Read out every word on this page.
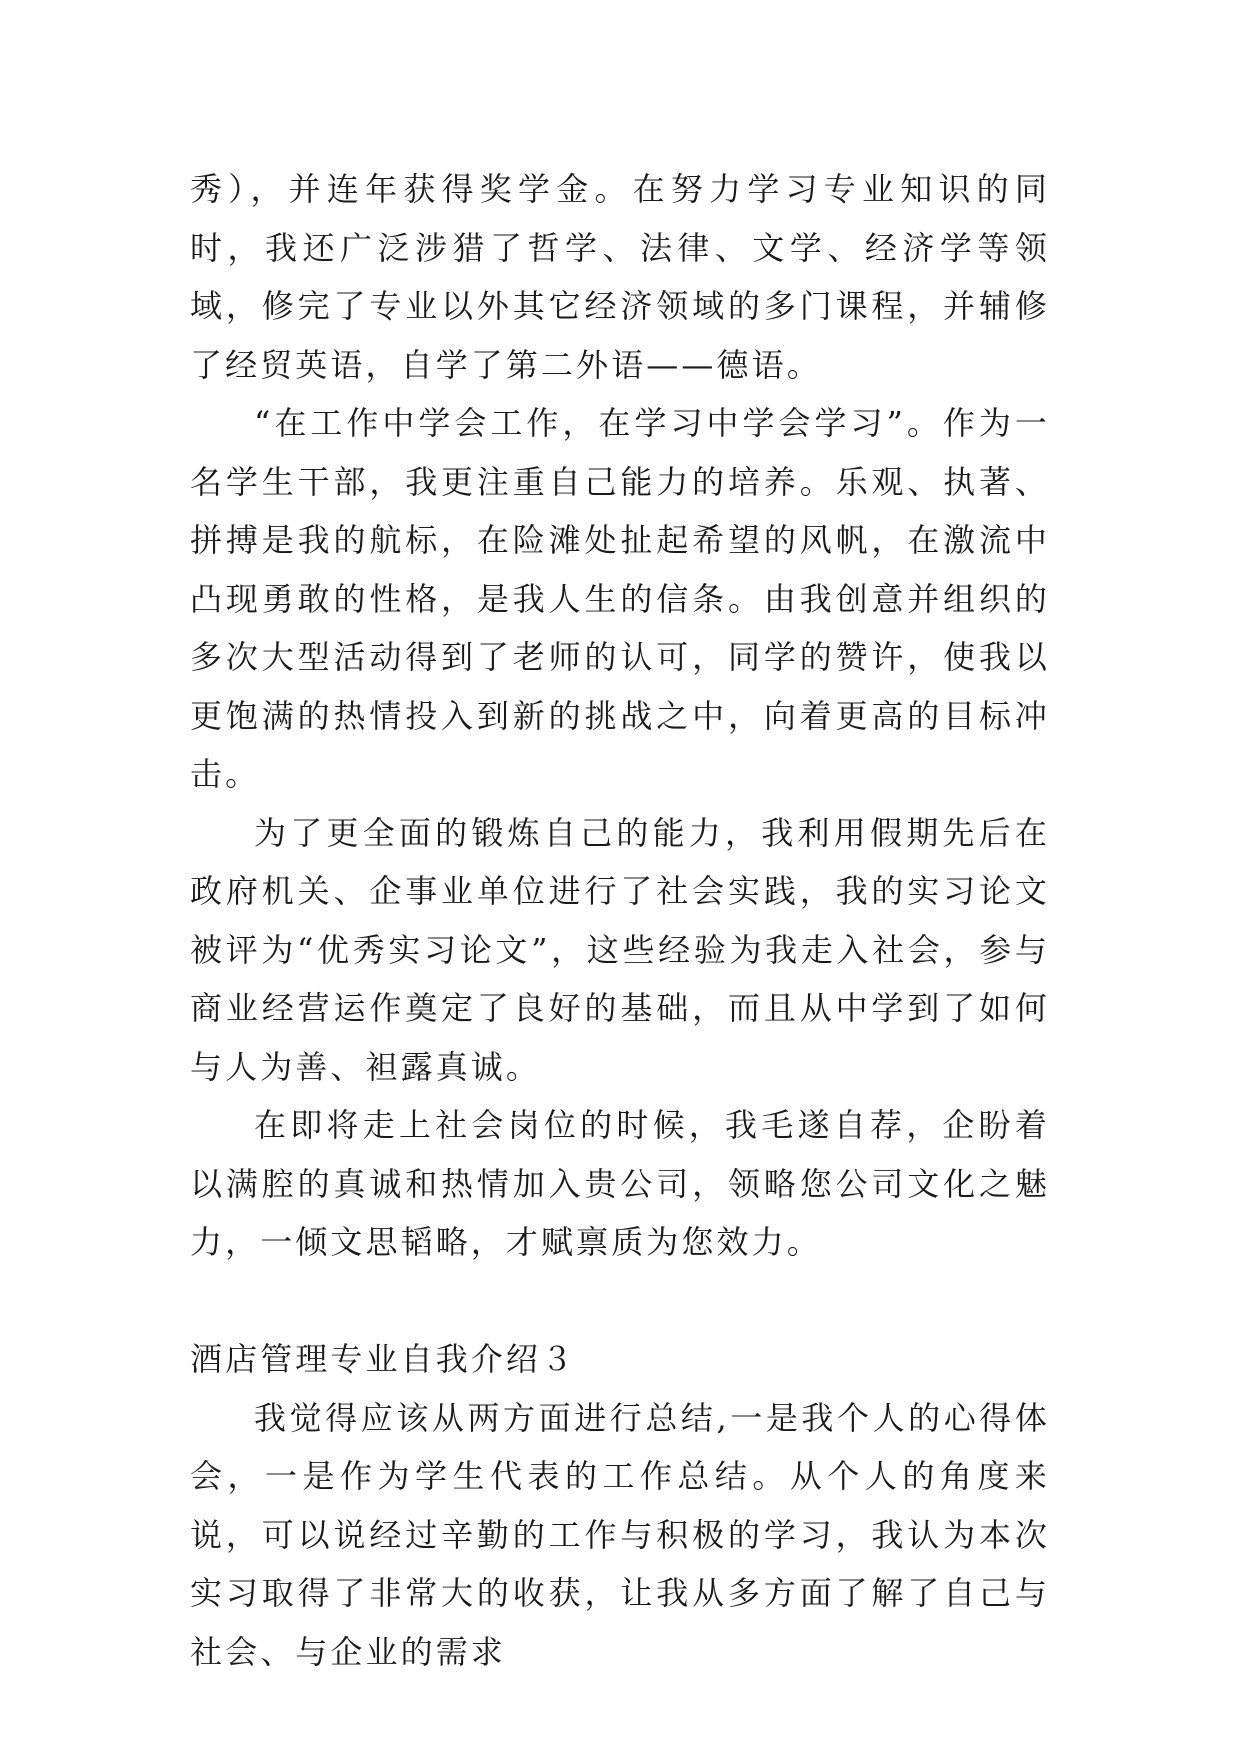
秀），并连年获得奖学金。在努力学习专业知识的同时，我还广泛涉猎了哲学、法律、文学、经济学等领域，修完了专业以外其它经济领域的多门课程，并辅修了经贸英语，自学了第二外语——德语。

“在工作中学会工作，在学习中学会学习”。作为一名学生干部，我更注重自己能力的培养。乐观、执著、拼搏是我的航标，在险滩处扯起希望的风帆，在激流中凸现勇敢的性格，是我人生的信条。由我创意并组织的多次大型活动得到了老师的认可，同学的赞许，使我以更饱满的热情投入到新的挑战之中，向着更高的目标冲击。

为了更全面的锻炼自己的能力，我利用假期先后在政府机关、企事业单位进行了社会实践，我的实习论文被评为“优秀实习论文”，这些经验为我走入社会，参与商业经营运作奠定了良好的基础，而且从中学到了如何与人为善、袒露真诚。

在即将走上社会岗位的时候，我毛遂自荐，企盼着以满腔的真诚和热情加入贵公司，领略您公司文化之魅力，一倾文思韬略，才赋禀质为您效力。

酒店管理专业自我介绍３

我觉得应该从两方面进行总结,一是我个人的心得体会，一是作为学生代表的工作总结。从个人的角度来说，可以说经过辛勤的工作与积极的学习，我认为本次实习取得了非常大的收获，让我从多方面了解了自己与社会、与企业的需求
